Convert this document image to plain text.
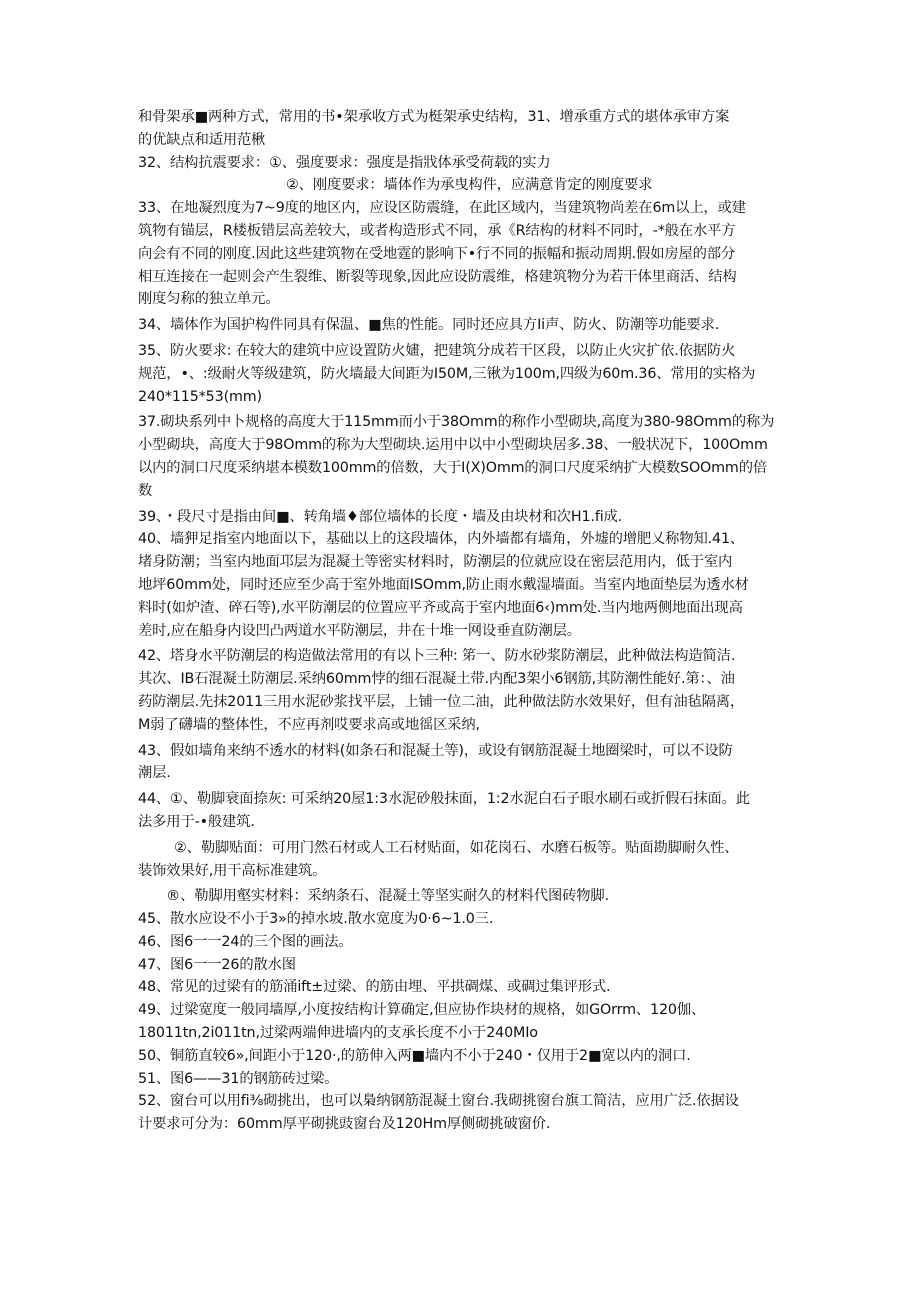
和骨架承■两种方式，常用的书•架承收方式为梃架承史结构，31、增承重方式的堪体承审方案
的优缺点和适用范楸
32、结构抗震要求：①、强度要求：强度是指戕体承受荷载的实力
②、刚度要求：墙体作为承曳构件，应满意肯定的刚度要求
33、在地凝烈度为7~9度的地区内，应设区防震缝，在此区域内，当建筑物尚差在6m以上，或建
筑物有锚层，R楼板错层高差较大，或者构造形式不同，承《R结构的材料不同时，-*般在水平方
向会有不同的刚度.因此这些建筑物在受地霆的影响下•行不同的振幅和振动周期.假如房屋的部分
相互连接在一起则会产生裂维、断裂等现象,因此应设防震维，格建筑物分为若干体里商活、结构
刚度匀称的独立单元。
34、墙体作为国护构件同具有保温、■焦的性能。同时还应具方Ii声、防火、防潮等功能要求.
35、防火要求: 在较大的建筑中应设置防火嫿，把建筑分成若干区段，以防止火灾扩依.依据防火
规范，•、:级耐火等级建筑，防火墙最大间距为I50M,三锹为100m,四级为60m.36、常用的实格为
240*115*53(mm)
37.砌块系列中卜规格的高度大于115mm而小于38Omm的称作小型砌块,高度为380-98Omm的称为
小型砌块，高度大于98Omm的称为大型砌块.运用中以中小型砌块居多.38、一般状况下，100Omm
以内的洞口尺度采纳堪本模数100mm的倍数，大于I(X)Omm的洞口尺度采纳扩大模数SOOmm的倍
数
39、・段尺寸是指由间■、转角墙♦部位墙体的长度・墙及由块材和次H1.fi成.
40、墙狎足指室内地面以下，基础以上的这段墙体，内外墙都有墙角，外墟的增肥乂称物知.41、
堵身防潮；当室内地面邛层为混凝土等密实材料时，防潮层的位就应设在密层范用内，低于室内
地坪60mm处，同时还应至少高于室外地面ISOmm,防止雨水戴湿墙面。当室内地面垫层为透水材
料时(如炉渣、碎石等),水平防潮层的位置应平齐或高于室内地面6‹)mm处.当内地两侧地面出现高
差时,应在船身内设凹凸两道水平防潮层，井在十堆一网设垂直防潮层。
42、塔身水平防潮层的构造做法常用的有以卜三种: 笫一、防水砂浆防潮层，此种做法构造简洁.
其次、IB石混凝土防潮层.采纳60mm悖的细石混凝土带.内配3架小6钢筋,其防潮性能好.第：、油
药防潮层.先抹2011三用水泥砂浆找平层，上铺一位二油，此种做法防水效果好，但有油毡隔离，
M弱了礴墙的整体性，不应再剂哎要求高或地徭区采纳,
43、假如墙角来纳不透水的材料(如条石和混凝土等)，或设有钢筋混凝土地圈梁时，可以不设防
潮层.
44、①、勒脚衰面捺灰: 可采纳20屋1:3水泥砂般抹面，1:2水泥白石子眼水刷石或折假石抹面。此
法多用于-•般建筑.
②、勒脚贴面：可用门然石材或人工石材贴面，如花岗石、水磨石板等。贴面勘脚耐久性、
装饰效果好,用干高标准建筑。
®、勒脚用壑实材料：采纳条石、混凝土等坚实耐久的材料代图砖物脚.
45、散水应设不小于3»的掉水坡.散水宽度为0·6~1.0三.
46、图6一一24的三个图的画法。
47、图6一一26的散水图
48、常见的过梁有的筋涌ift±过梁、的筋由埋、平拱碉煤、或碉过集评形式.
49、过梁宽度一般同墙厚,小度按结构计算确定,但应协作块材的规格，如GOrrm、120伽、
18011tn,2i011tn,过梁两端伸进墙内的支承长度不小于240MIo
50、铜筋直较6»,间距小于120·,的筋伸入两■墙内不小于240・仅用于2■宽以内的洞口.
51、图6——31的钢筋砖过梁。
52、窗台可以用fi⅜砌挑出，也可以梟纳钢筋混凝土窗台.我砌挑窗台旗工简洁，应用广泛.依据设
计要求可分为：60mm厚平砌挑豉窗台及120Hm厚侧砌挑破窗价.
